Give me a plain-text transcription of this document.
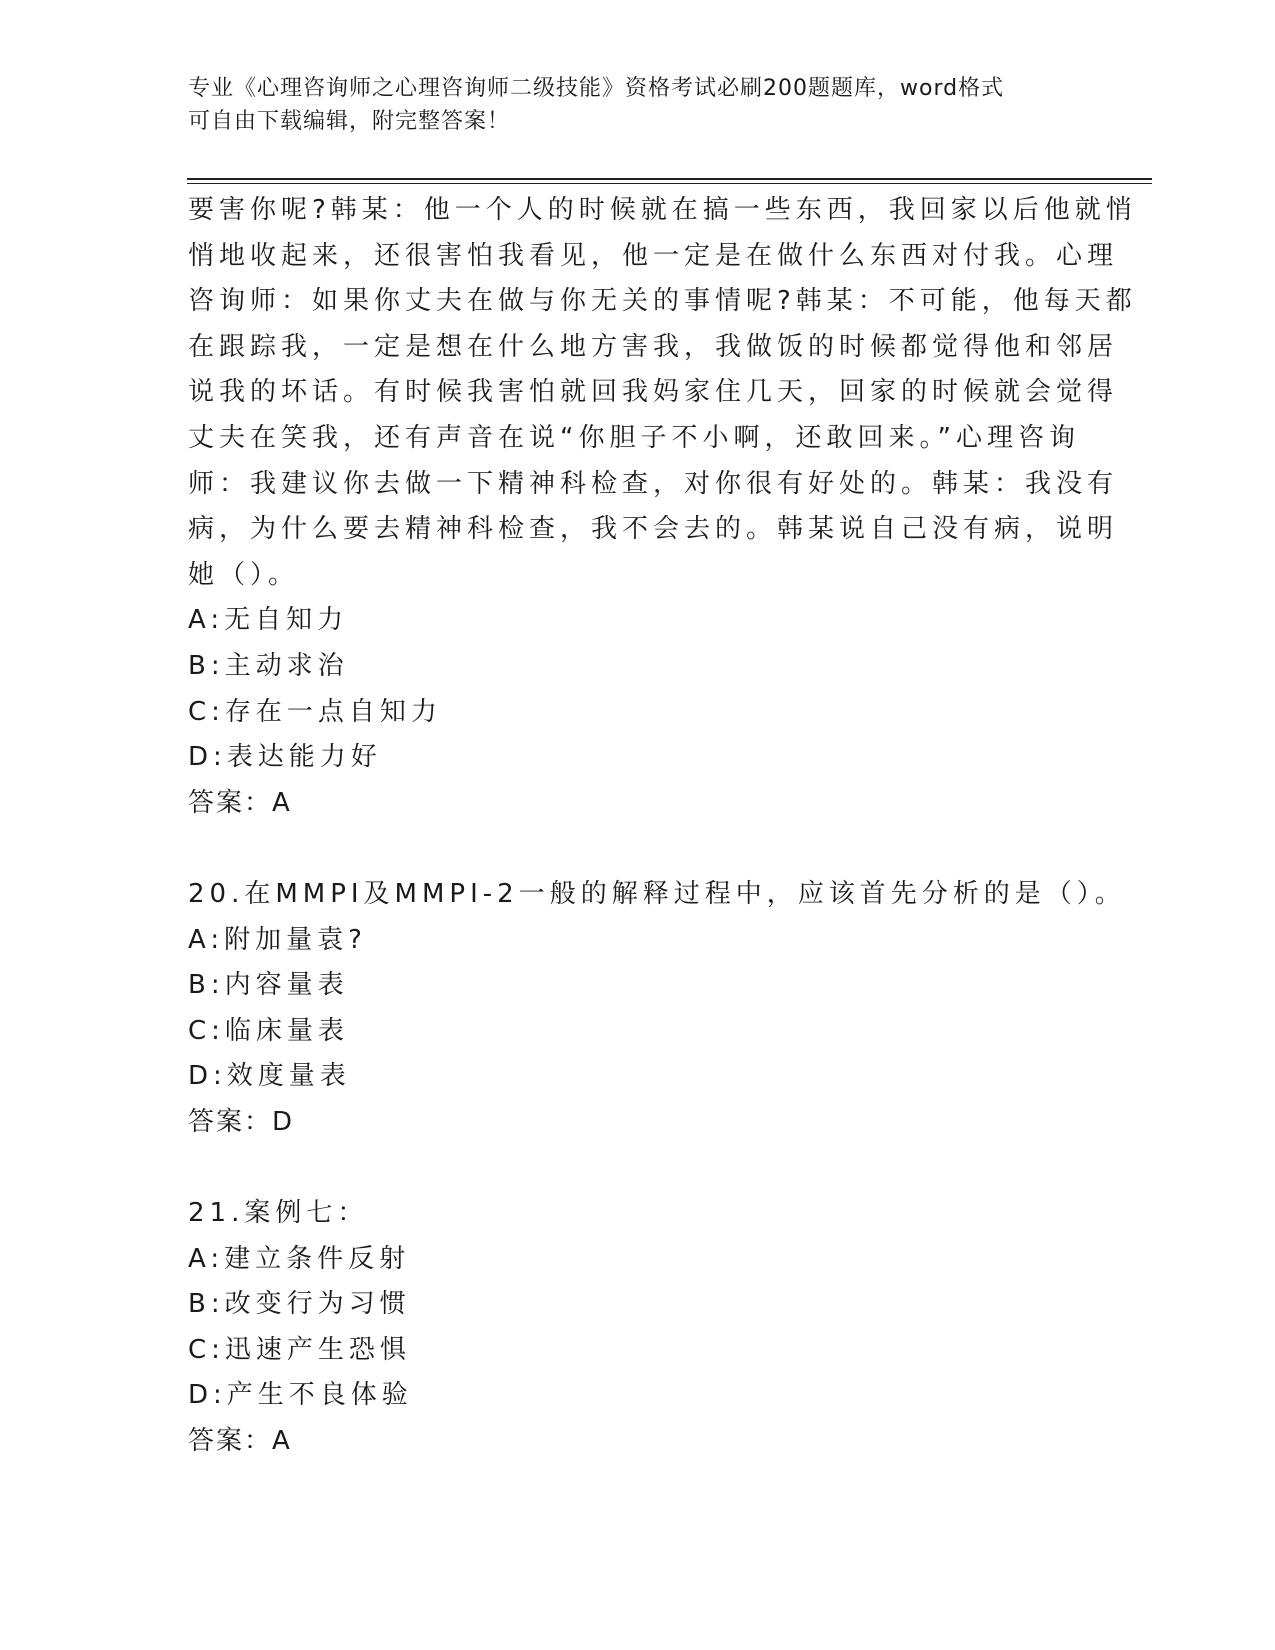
专业《心理咨询师之心理咨询师二级技能》资格考试必刷200题题库，word格式
可自由下载编辑，附完整答案！
要害你呢?韩某：他一个人的时候就在搞一些东西，我回家以后他就悄
悄地收起来，还很害怕我看见，他一定是在做什么东西对付我。心理
咨询师：如果你丈夫在做与你无关的事情呢?韩某：不可能，他每天都
在跟踪我，一定是想在什么地方害我，我做饭的时候都觉得他和邻居
说我的坏话。有时候我害怕就回我妈家住几天，回家的时候就会觉得
丈夫在笑我，还有声音在说“你胆子不小啊，还敢回来。”心理咨询
师：我建议你去做一下精神科检查，对你很有好处的。韩某：我没有
病，为什么要去精神科检查，我不会去的。韩某说自己没有病，说明
她（）。
A:无自知力
B:主动求治
C:存在一点自知力
D:表达能力好
答案：A
20.在MMPI及MMPI-2一般的解释过程中，应该首先分析的是（）。
A:附加量袁?
B:内容量表
C:临床量表
D:效度量表
答案：D
21.案例七：
A:建立条件反射
B:改变行为习惯
C:迅速产生恐惧
D:产生不良体验
答案：A
